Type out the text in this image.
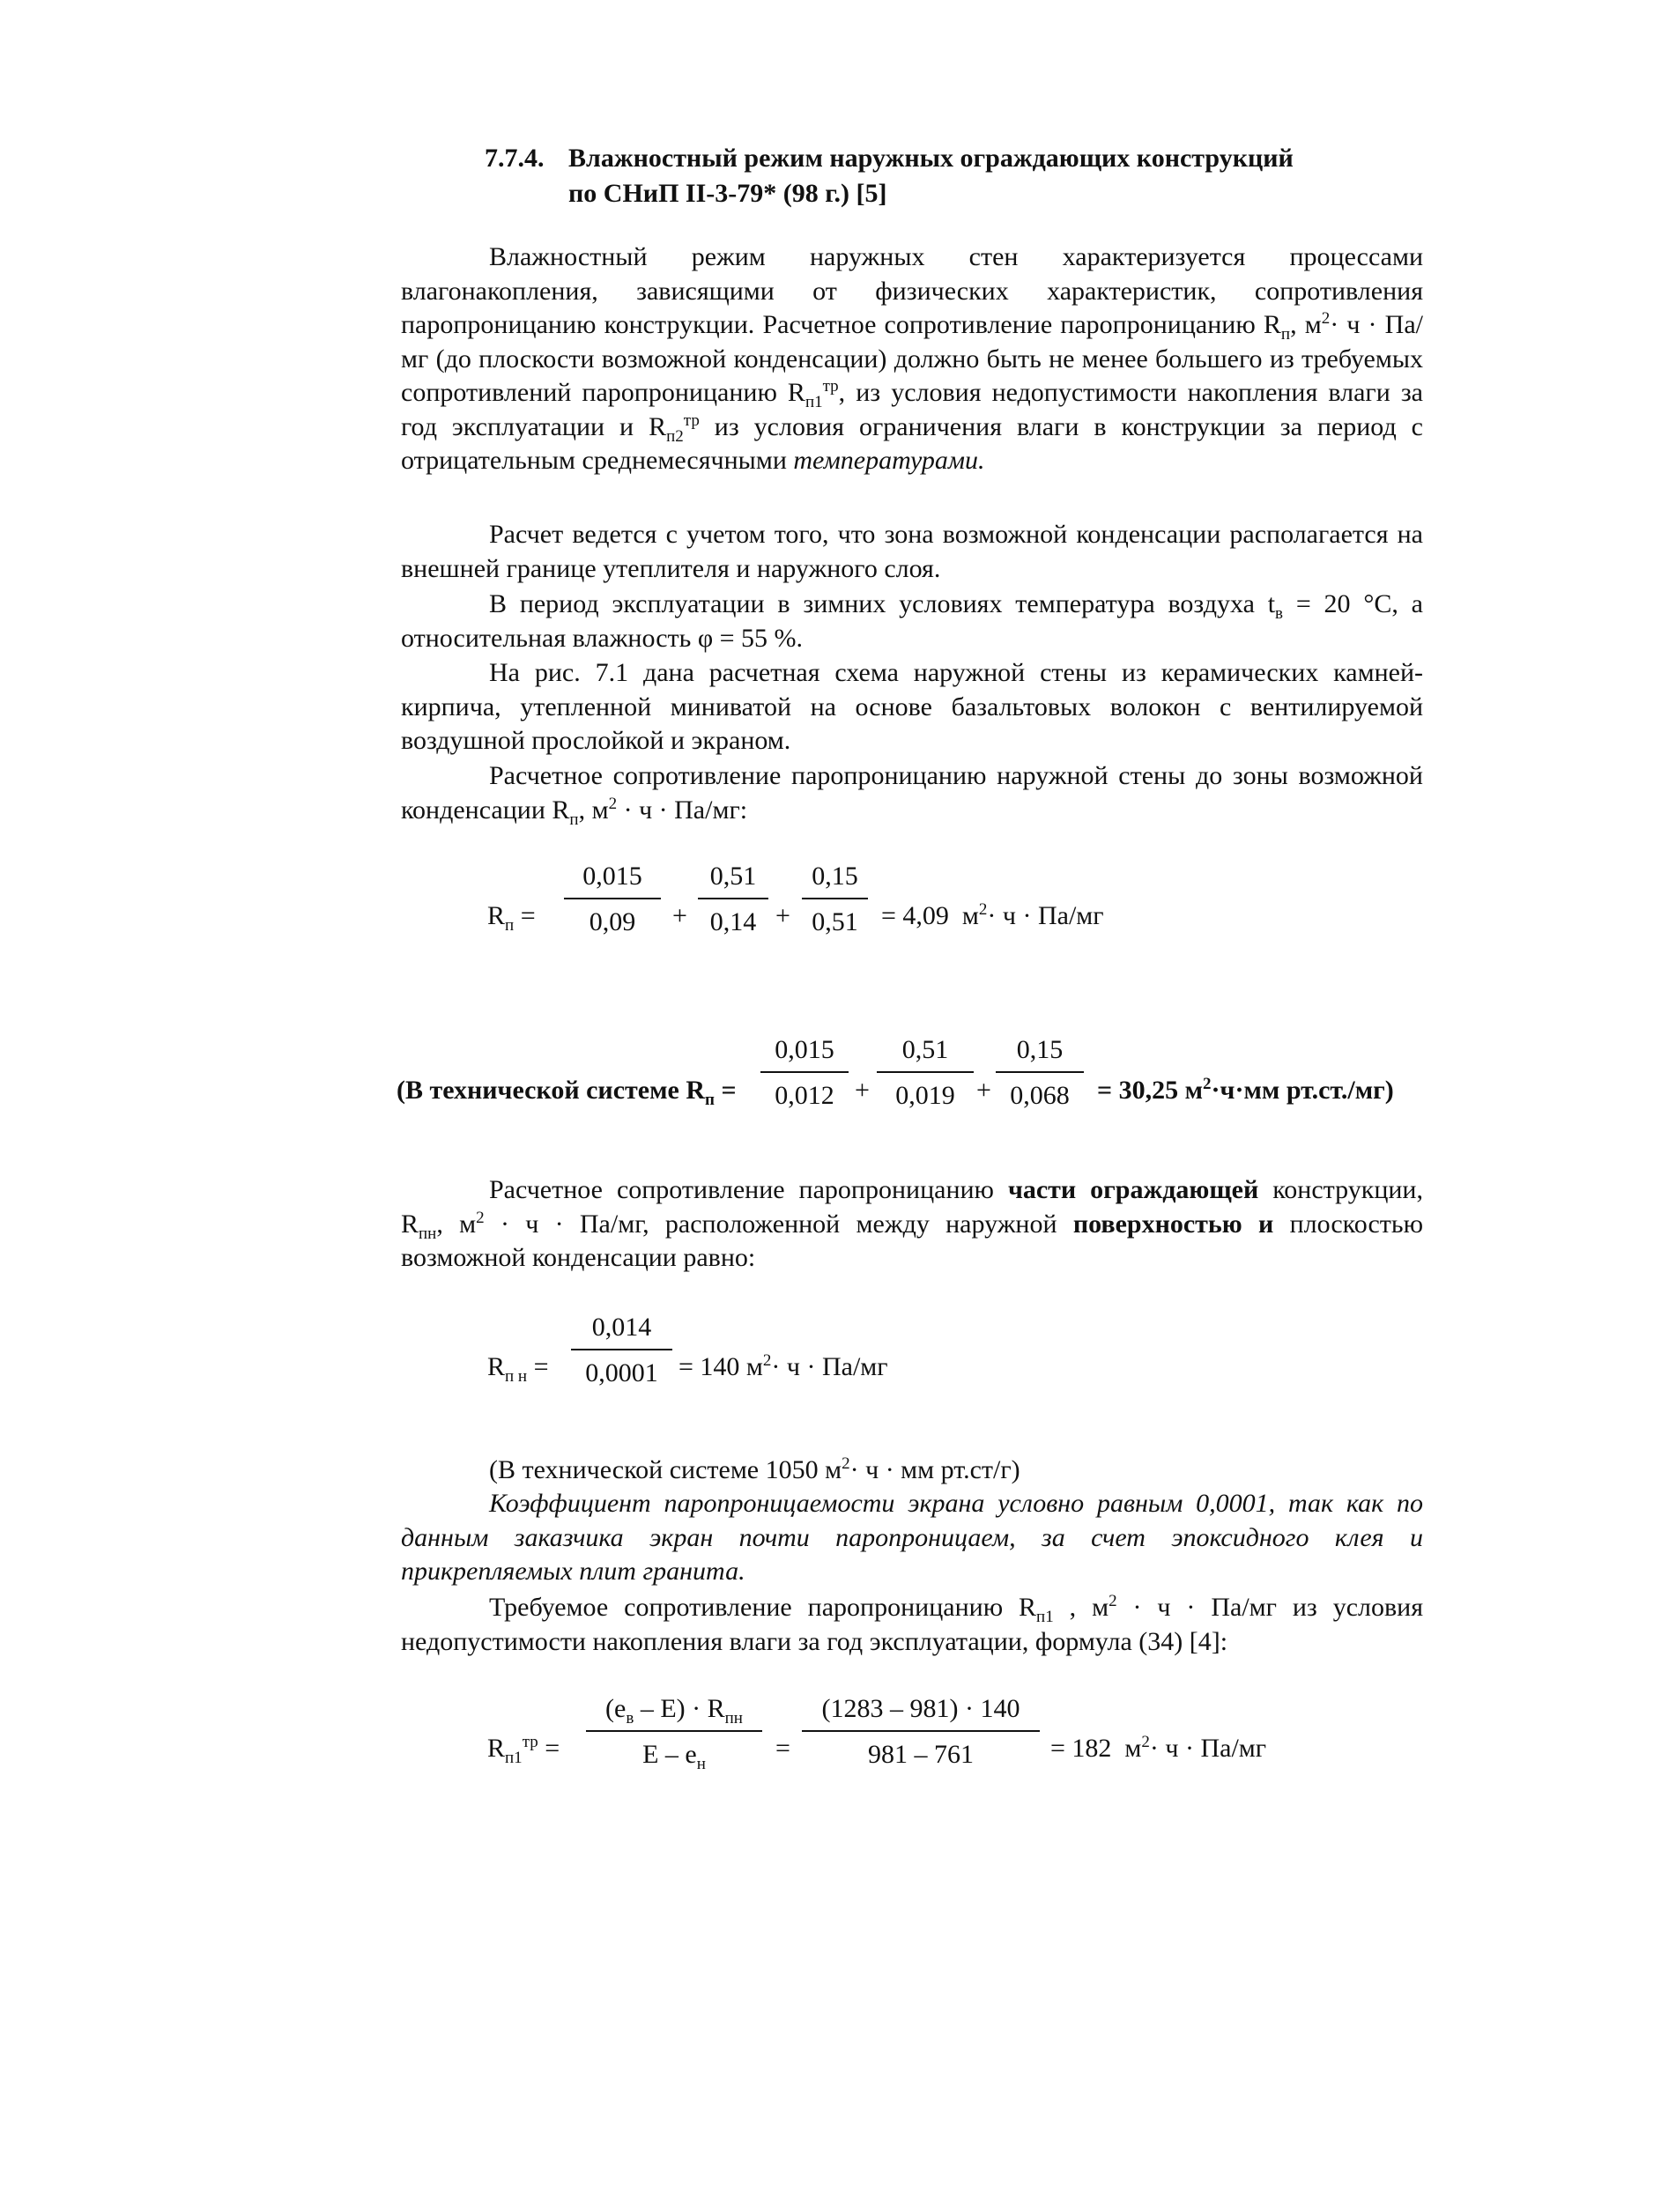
7.7.4. Влажностный режим наружных ограждающих конструкций
по СНиП II-3-79* (98 г.) [5]

Влажностный режим наружных стен характеризуется процессами влагонакопления, зависящими от физических характеристик, сопротивления паропроницанию конструкции. Расчетное сопротивление паропроницанию $R_п$, $м^2\cdot ч \cdot Па/мг$ (до плоскости возможной конденсации) должно быть не менее большего из требуемых сопротивлений паропроницанию $R_{п1}^{тр}$, из условия недопустимости накопления влаги за год эксплуатации и $R_{п2}^{тр}$ из условия ограничения влаги в конструкции за период с отрицательным среднемесячными температурами.

Расчет ведется с учетом того, что зона возможной конденсации располагается на внешней границе утеплителя и наружного слоя.

В период эксплуатации в зимних условиях температура воздуха $t_в = 20$ °С, а относительная влажность φ = 55 %.

На рис. 7.1 дана расчетная схема наружной стены из керамических камней-кирпича, утепленной миниватой на основе базальтовых волокон с вентилируемой воздушной прослойкой и экраном.

Расчетное сопротивление паропроницанию наружной стены до зоны возможной конденсации $R_п$, $м^2 \cdot ч \cdot Па/мг$:

$R_п$ =
0,015
0,09	+
0,51
0,14 +
0,15
0,51 = 4,09 $м^2\cdot ч \cdot Па/мг$
(В технической системе $R_п$ =
0,015
0,012 +
0,51
0,019 +
0,15
0,068	= 30,25 $м^2\cdot ч\cdot мм$ рт.ст./мг)

Расчетное сопротивление паропроницанию части ограждающей конструкции, $R_{пн}$, $м^2 \cdot ч \cdot Па/мг$, расположенной между наружной поверхностью и плоскостью возможной конденсации равно:

$R_{п н}$ =
0,014
0,0001 = 140 $м^2\cdot ч \cdot Па/мг$

(В технической системе 1050 $м^2\cdot ч$ · мм рт.ст/г)

Коэффициент паропроницаемости экрана условно равным 0,0001, так как по данным заказчика экран почти паропроницаем, за счет эпоксидного клея и прикрепляемых плит гранита.

Требуемое сопротивление паропроницанию $R_{п1}$ , $м^2 \cdot ч \cdot Па/мг$ из условия недопустимости накопления влаги за год эксплуатации, формула (34) [4]:

$R_{п1}^{тр}$ =
$(e_в - E) \cdot R_{пн}$
E – $e_н$
=
(1283 – 981) · 140
981 – 761	= 182 $м^2\cdot ч \cdot Па/мг$
